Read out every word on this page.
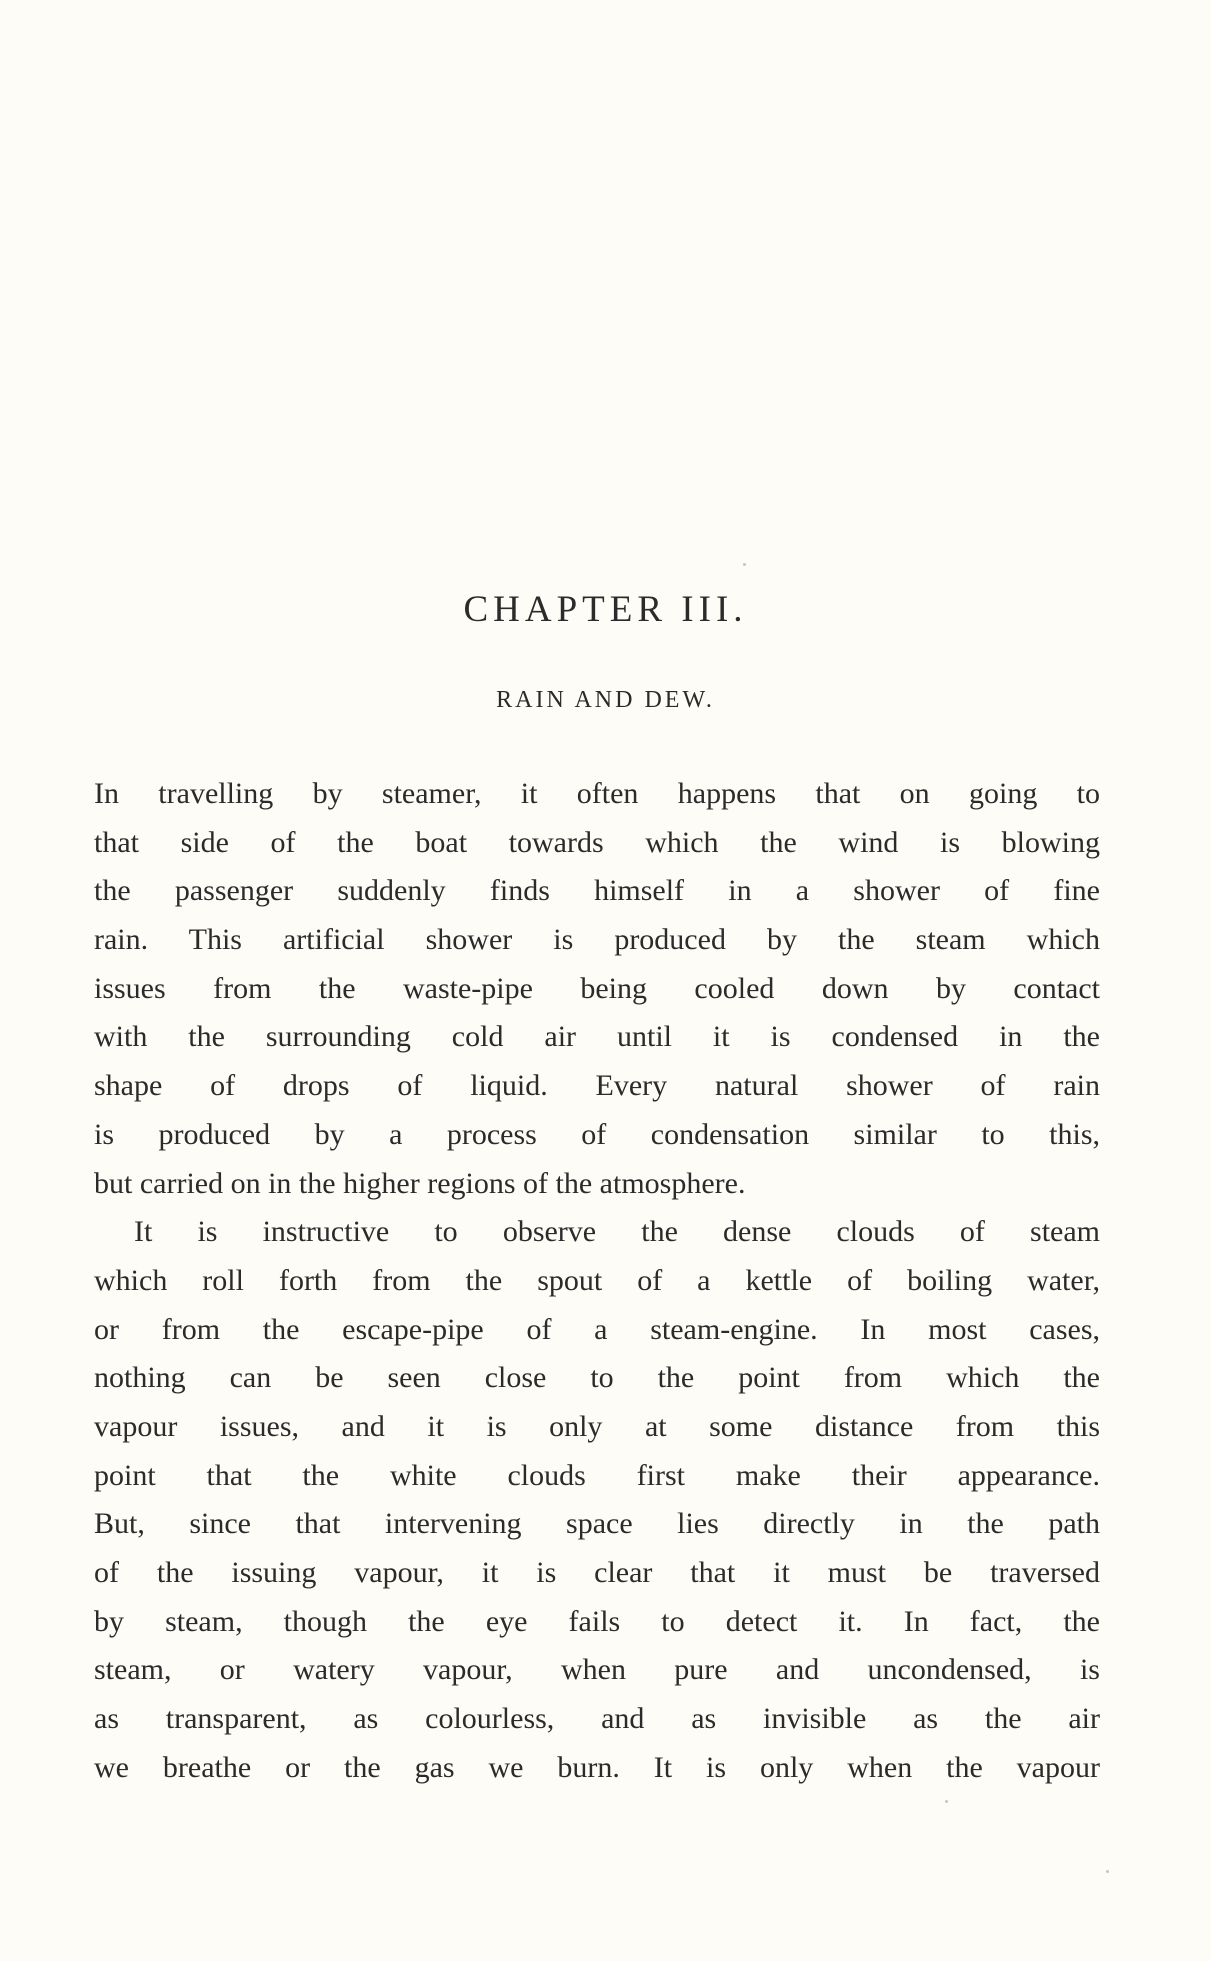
CHAPTER III.
RAIN AND DEW.
In travelling by steamer, it often happens that on going to
that side of the boat towards which the wind is blowing
the passenger suddenly finds himself in a shower of fine
rain. This artificial shower is produced by the steam which
issues from the waste-pipe being cooled down by contact
with the surrounding cold air until it is condensed in the
shape of drops of liquid. Every natural shower of rain
is produced by a process of condensation similar to this,
but carried on in the higher regions of the atmosphere.
It is instructive to observe the dense clouds of steam
which roll forth from the spout of a kettle of boiling water,
or from the escape-pipe of a steam-engine. In most cases,
nothing can be seen close to the point from which the
vapour issues, and it is only at some distance from this
point that the white clouds first make their appearance.
But, since that intervening space lies directly in the path
of the issuing vapour, it is clear that it must be traversed
by steam, though the eye fails to detect it. In fact, the
steam, or watery vapour, when pure and uncondensed, is
as transparent, as colourless, and as invisible as the air
we breathe or the gas we burn. It is only when the vapour
